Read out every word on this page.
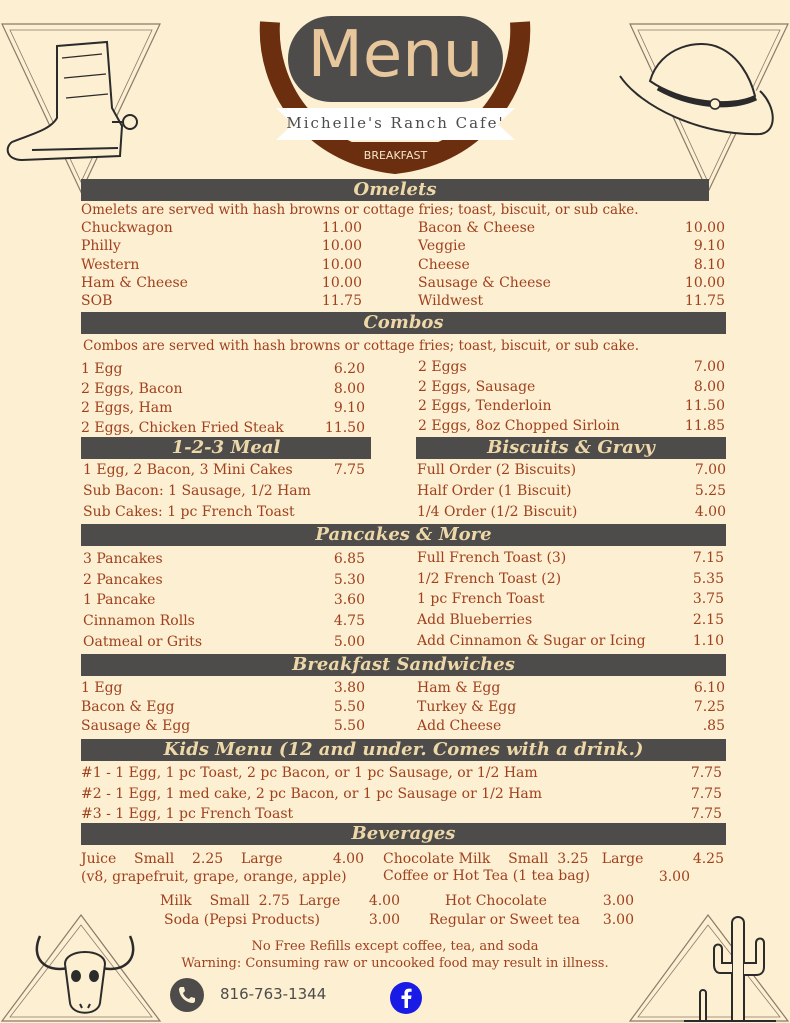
Menu
Michelle's Ranch Cafe'
BREAKFAST
Omelets
Omelets are served with hash browns or cottage fries; toast, biscuit, or sub cake.
Chuckwagon	11.00
Philly	10.00
Western	10.00
Ham & Cheese	10.00
SOB	11.75
Bacon & Cheese	10.00
Veggie	9.10
Cheese	8.10
Sausage & Cheese	10.00
Wildwest	11.75
Combos
Combos are served with hash browns or cottage fries; toast, biscuit, or sub cake.
1 Egg	6.20
2 Eggs, Bacon	8.00
2 Eggs, Ham	9.10
2 Eggs, Chicken Fried Steak	11.50
2 Eggs	7.00
2 Eggs, Sausage	8.00
2 Eggs, Tenderloin	11.50
2 Eggs, 8oz Chopped Sirloin	11.85
1-2-3 Meal	Biscuits & Gravy
1 Egg, 2 Bacon, 3 Mini Cakes	7.75
Sub Bacon: 1 Sausage, 1/2 Ham
Sub Cakes: 1 pc French Toast
Full Order (2 Biscuits)	7.00
Half Order (1 Biscuit)	5.25
1/4 Order (1/2 Biscuit)	4.00
Pancakes & More
3 Pancakes	6.85
2 Pancakes	5.30
1 Pancake	3.60
Cinnamon Rolls	4.75
Oatmeal or Grits	5.00
Full French Toast (3)	7.15
1/2 French Toast (2)	5.35
1 pc French Toast	3.75
Add Blueberries	2.15
Add Cinnamon & Sugar or Icing	1.10
Breakfast Sandwiches
1 Egg	3.80
Bacon & Egg	5.50
Sausage & Egg	5.50
Ham & Egg	6.10
Turkey & Egg	7.25
Add Cheese	.85
Kids Menu (12 and under. Comes with a drink.)
#1 - 1 Egg, 1 pc Toast, 2 pc Bacon, or 1 pc Sausage, or 1/2 Ham	7.75
#2 - 1 Egg, 1 med cake, 2 pc Bacon, or 1 pc Sausage or 1/2 Ham	7.75
#3 - 1 Egg, 1 pc French Toast	7.75
Beverages
Juice    Small    2.25    Large	4.00
(v8, grapefruit, grape, orange, apple)
Chocolate Milk    Small  3.25   Large	4.25
Coffee or Hot Tea (1 tea bag)	3.00
Milk    Small  2.75  Large	4.00	Hot Chocolate	3.00
Soda (Pepsi Products)	3.00 Regular or Sweet tea	3.00
No Free Refills except coffee, tea, and soda
Warning: Consuming raw or uncooked food may result in illness.
816-763-1344
